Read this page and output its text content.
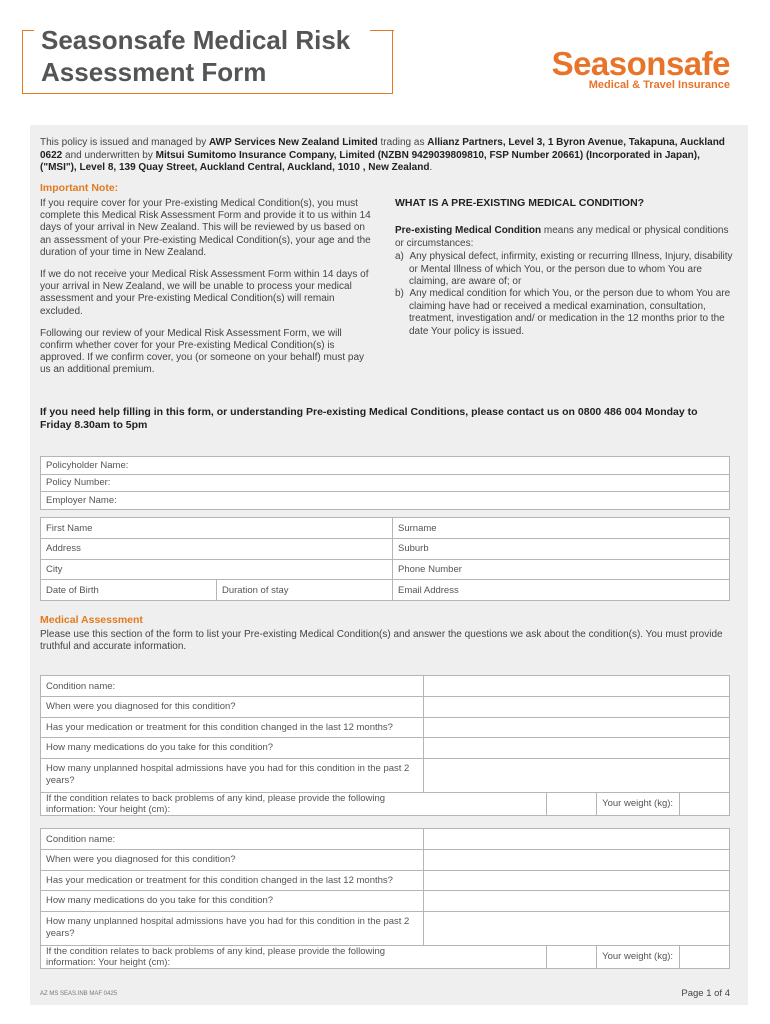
Seasonsafe Medical Risk
Assessment Form	Seasonsafe
Medical & Travel Insurance
This policy is issued and managed by AWP Services New Zealand Limited trading as Allianz Partners, Level 3, 1 Byron Avenue, Takapuna, Auckland 0622 and underwritten by Mitsui Sumitomo Insurance Company, Limited (NZBN 9429039809810, FSP Number 20661) (Incorporated in Japan), ("MSI"), Level 8, 139 Quay Street, Auckland Central, Auckland, 1010 , New Zealand.
Important Note:

If you require cover for your Pre-existing Medical Condition(s), you must complete this Medical Risk Assessment Form and provide it to us within 14 days of your arrival in New Zealand. This will be reviewed by us based on an assessment of your Pre-existing Medical Condition(s), your age and the duration of your time in New Zealand.

If we do not receive your Medical Risk Assessment Form within 14 days of your arrival in New Zealand, we will be unable to process your medical assessment and your Pre-existing Medical Condition(s) will remain excluded.

Following our review of your Medical Risk Assessment Form, we will confirm whether cover for your Pre-existing Medical Condition(s) is approved. If we confirm cover, you (or someone on your behalf) must pay us an additional premium.

WHAT IS A PRE-EXISTING MEDICAL CONDITION?
Pre-existing Medical Condition means any medical or physical conditions or circumstances:
a)  Any physical defect, infirmity, existing or recurring Illness, Injury, disability or Mental Illness of which You, or the person due to whom You are claiming, are aware of; or
b)  Any medical condition for which You, or the person due to whom You are claiming have had or received a medical examination, consultation, treatment, investigation and/ or medication in the 12 months prior to the date Your policy is issued.
If you need help filling in this form, or understanding Pre-existing Medical Conditions, please contact us on 0800 486 004 Monday to Friday 8.30am to 5pm
Policyholder Name:
Policy Number:
Employer Name:
First Name		Surname
Address		Suburb
City		Phone Number
Date of Birth	Duration of stay	Email Address
Medical Assessment
Please use this section of the form to list your Pre-existing Medical Condition(s) and answer the questions we ask about the condition(s). You must provide truthful and accurate information.
Condition name:				
When were you diagnosed for this condition?				
Has your medication or treatment for this condition changed in the last 12 months?				
How many medications do you take for this condition?				
How many unplanned hospital admissions have you had for this condition in the past 2 years?				
If the condition relates to back problems of any kind, please provide the following information: Your height (cm):			Your weight (kg):	
Condition name:				
When were you diagnosed for this condition?				
Has your medication or treatment for this condition changed in the last 12 months?				
How many medications do you take for this condition?				
How many unplanned hospital admissions have you had for this condition in the past 2 years?				
If the condition relates to back problems of any kind, please provide the following information: Your height (cm):			Your weight (kg):	
AZ MS SEAS.INB MAF 0425	Page 1 of 4
